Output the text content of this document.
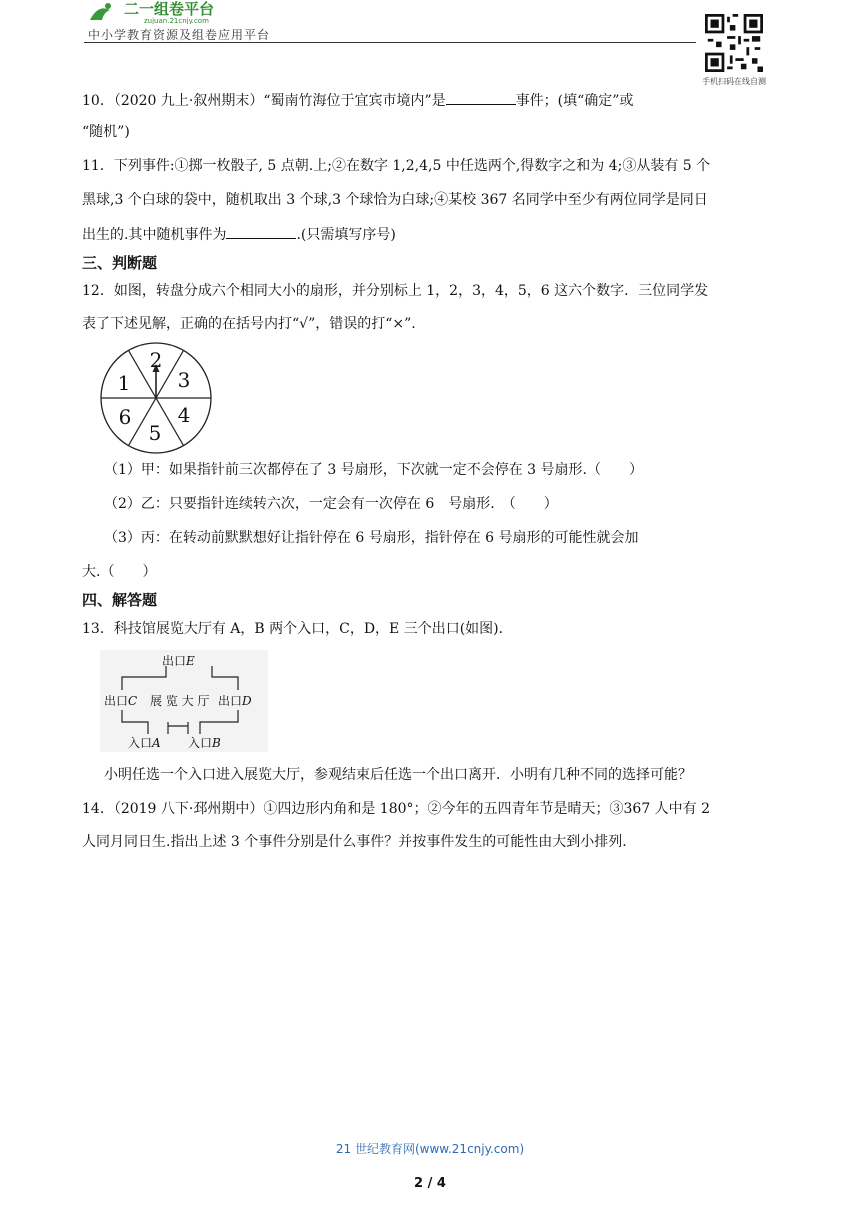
二一组卷平台
zujuan.21cnjy.com
中小学教育资源及组卷应用平台
手机扫码在线自测
10．（2020 九上·叙州期末）“蜀南竹海位于宜宾市境内”是	事件；(填“确定”或
“随机”)
11．下列事件:①掷一枚骰子, 5 点朝.上;②在数字 1,2,4,5 中任选两个,得数字之和为 4;③从装有 5 个
黑球,3 个白球的袋中，随机取出 3 个球,3 个球恰为白球;④某校 367 名同学中至少有两位同学是同日
出生的.其中随机事件为	.(只需填写序号)
三、判断题
12．如图，转盘分成六个相同大小的扇形，并分别标上 1，2，3，4，5，6 这六个数字．三位同学发
表了下述见解，正确的在括号内打“√”，错误的打“×”.
1
2
3
4
5
6
（1）甲：如果指针前三次都停在了 3 号扇形，下次就一定不会停在 3 号扇形.（　　）
（2）乙：只要指针连续转六次，一定会有一次停在 6　号扇形.　（　　）
（3）丙：在转动前默默想好让指针停在 6 号扇形，指针停在 6 号扇形的可能性就会加
大.（　　）
四、解答题
13．科技馆展览大厅有 A，B 两个入口，C，D，E 三个出口(如图)．
出口E
出口C 展 览 大 厅 出口D
入口A 入口B
小明任选一个入口进入展览大厅，参观结束后任选一个出口离开．小明有几种不同的选择可能？
14．（2019 八下·邳州期中）①四边形内角和是 180°；②今年的五四青年节是晴天；③367 人中有 2
人同月同日生.指出上述 3 个事件分别是什么事件？并按事件发生的可能性由大到小排列.
21 世纪教育网(www.21cnjy.com)
2 / 4
